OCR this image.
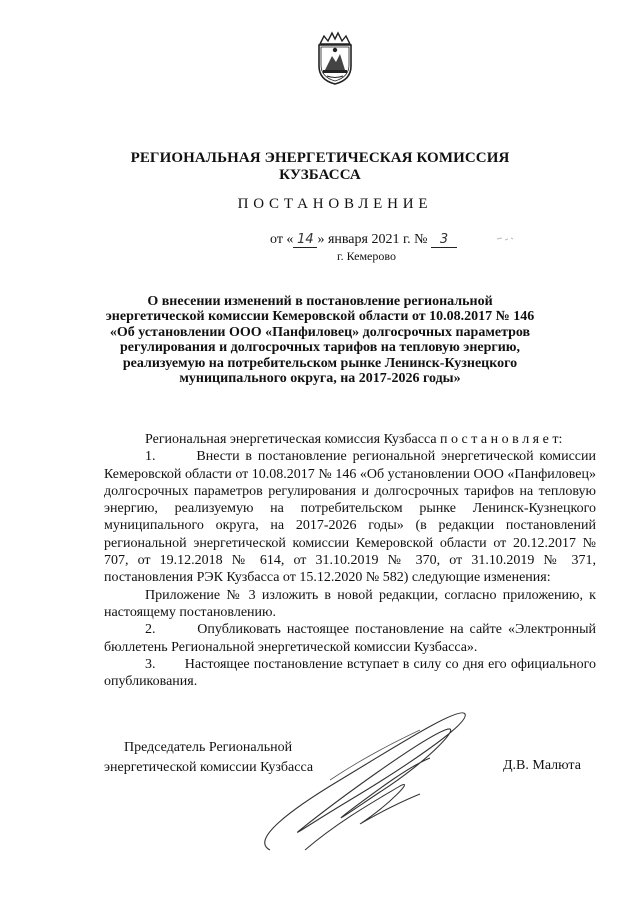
РЕГИОНАЛЬНАЯ ЭНЕРГЕТИЧЕСКАЯ КОМИССИЯ
КУЗБАССА
ПОСТАНОВЛЕНИЕ
от « 14 » января 2021 г. № 3
г. Кемерово
О внесении изменений в постановление региональной
энергетической комиссии Кемеровской области от 10.08.2017 № 146
«Об установлении ООО «Панфиловец» долгосрочных параметров
регулирования и долгосрочных тарифов на тепловую энергию,
реализуемую на потребительском рынке Ленинск-Кузнецкого
муниципального округа, на 2017-2026 годы»

Региональная энергетическая комиссия Кузбасса п о с т а н о в л я е т:

1.       Внести в постановление региональной энергетической комиссии Кемеровской области от 10.08.2017 № 146 «Об установлении ООО «Панфиловец» долгосрочных параметров регулирования и долгосрочных тарифов на тепловую энергию, реализуемую на потребительском рынке Ленинск-Кузнецкого муниципального округа, на 2017-2026 годы» (в редакции постановлений региональной энергетической комиссии Кемеровской области от 20.12.2017 № 707, от 19.12.2018 № 614, от 31.10.2019 № 370, от 31.10.2019 № 371, постановления РЭК Кузбасса от 15.12.2020 № 582) следующие изменения:

Приложение № 3 изложить в новой редакции, согласно приложению, к настоящему постановлению.

2.       Опубликовать настоящее постановление на сайте «Электронный бюллетень Региональной энергетической комиссии Кузбасса».

3.       Настоящее постановление вступает в силу со дня его официального опубликования.

Председатель Региональной
энергетической комиссии Кузбасса	Д.В. Малюта
